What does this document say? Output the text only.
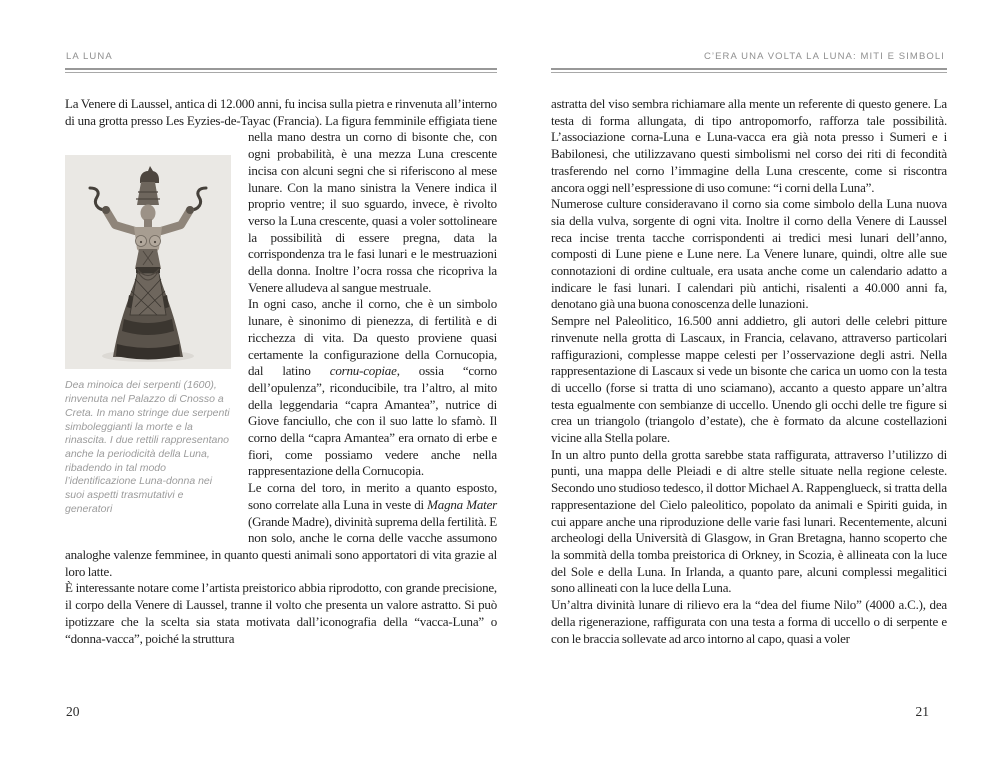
LA LUNA

La Venere di Laussel, antica di 12.000 anni, fu incisa sulla pietra e rinvenuta all’interno di una grotta presso Les Eyzies-de-Tayac (Francia). La figura femminile effigiata tiene nella mano destra un corno di bisonte che,
Dea minoica dei serpenti (1600), rinvenuta nel Palazzo di Cnosso a Creta. In mano stringe due serpenti simboleggianti la morte e la rinascita. I due rettili rappresentano anche la periodicità della Luna, ribadendo in tal modo l’identificazione Luna-donna nei suoi aspetti trasmutativi e generatori
con ogni probabilità, è una mezza Luna crescente incisa con alcuni segni che si riferiscono al mese lunare. Con la mano sinistra la Venere indica il proprio ventre; il suo sguardo, invece, è rivolto verso la Luna crescente, quasi a voler sottolineare la possibilità di essere pregna, data la corrispondenza tra le fasi lunari e le mestruazioni della donna. Inoltre l’ocra rossa che ricopriva la Venere alludeva al sangue mestruale.

In ogni caso, anche il corno, che è un simbolo lunare, è sinonimo di pienezza, di fertilità e di ricchezza di vita. Da questo proviene quasi certamente la configurazione della Cornucopia, dal latino cornu-copiae, ossia “corno dell’opulenza”, riconducibile, tra l’altro, al mito della leggendaria “capra Amantea”, nutrice di Giove fanciullo, che con il suo latte lo sfamò. Il corno della “capra Amantea” era ornato di erbe e fiori, come possiamo vedere anche nella rappresentazione della Cornucopia.

Le corna del toro, in merito a quanto esposto, sono correlate alla Luna in veste di Magna Mater (Grande Madre), divinità suprema della fertilità. E non solo, anche le corna delle vacche assumono analoghe valenze femminee, in quanto questi animali sono apportatori di vita grazie al loro latte.

È interessante notare come l’artista preistorico abbia riprodotto, con grande precisione, il corpo della Venere di Laussel, tranne il volto che presenta un valore astratto. Si può ipotizzare che la scelta sia stata motivata dall’iconografia della “vacca-Luna” o “donna-vacca”, poiché la struttura

20
C’ERA UNA VOLTA LA LUNA: MITI E SIMBOLI

astratta del viso sembra richiamare alla mente un referente di questo genere. La testa di forma allungata, di tipo antropomorfo, rafforza tale possibilità. L’associazione corna-Luna e Luna-vacca era già nota presso i Sumeri e i Babilonesi, che utilizzavano questi simbolismi nel corso dei riti di fecondità trasferendo nel corno l’immagine della Luna crescente, come si riscontra ancora oggi nell’espressione di uso comune: “i corni della Luna”.

Numerose culture consideravano il corno sia come simbolo della Luna nuova sia della vulva, sorgente di ogni vita. Inoltre il corno della Venere di Laussel reca incise trenta tacche corrispondenti ai tredici mesi lunari dell’anno, composti di Lune piene e Lune nere. La Venere lunare, quindi, oltre alle sue connotazioni di ordine cultuale, era usata anche come un calendario adatto a indicare le fasi lunari. I calendari più antichi, risalenti a 40.000 anni fa, denotano già una buona conoscenza delle lunazioni.

Sempre nel Paleolitico, 16.500 anni addietro, gli autori delle celebri pitture rinvenute nella grotta di Lascaux, in Francia, celavano, attraverso particolari raffigurazioni, complesse mappe celesti per l’osservazione degli astri. Nella rappresentazione di Lascaux si vede un bisonte che carica un uomo con la testa di uccello (forse si tratta di uno sciamano), accanto a questo appare un’altra testa egualmente con sembianze di uccello. Unendo gli occhi delle tre figure si crea un triangolo (triangolo d’estate), che è formato da alcune costellazioni vicine alla Stella polare.

In un altro punto della grotta sarebbe stata raffigurata, attraverso l’utilizzo di punti, una mappa delle Pleiadi e di altre stelle situate nella regione celeste. Secondo uno studioso tedesco, il dottor Michael A. Rappenglueck, si tratta della rappresentazione del Cielo paleolitico, popolato da animali e Spiriti guida, in cui appare anche una riproduzione delle varie fasi lunari. Recentemente, alcuni archeologi della Università di Glasgow, in Gran Bretagna, hanno scoperto che la sommità della tomba preistorica di Orkney, in Scozia, è allineata con la luce del Sole e della Luna. In Irlanda, a quanto pare, alcuni complessi megalitici sono allineati con la luce della Luna.

Un’altra divinità lunare di rilievo era la “dea del fiume Nilo” (4000 a.C.), dea della rigenerazione, raffigurata con una testa a forma di uccello o di serpente e con le braccia sollevate ad arco intorno al capo, quasi a voler

21
